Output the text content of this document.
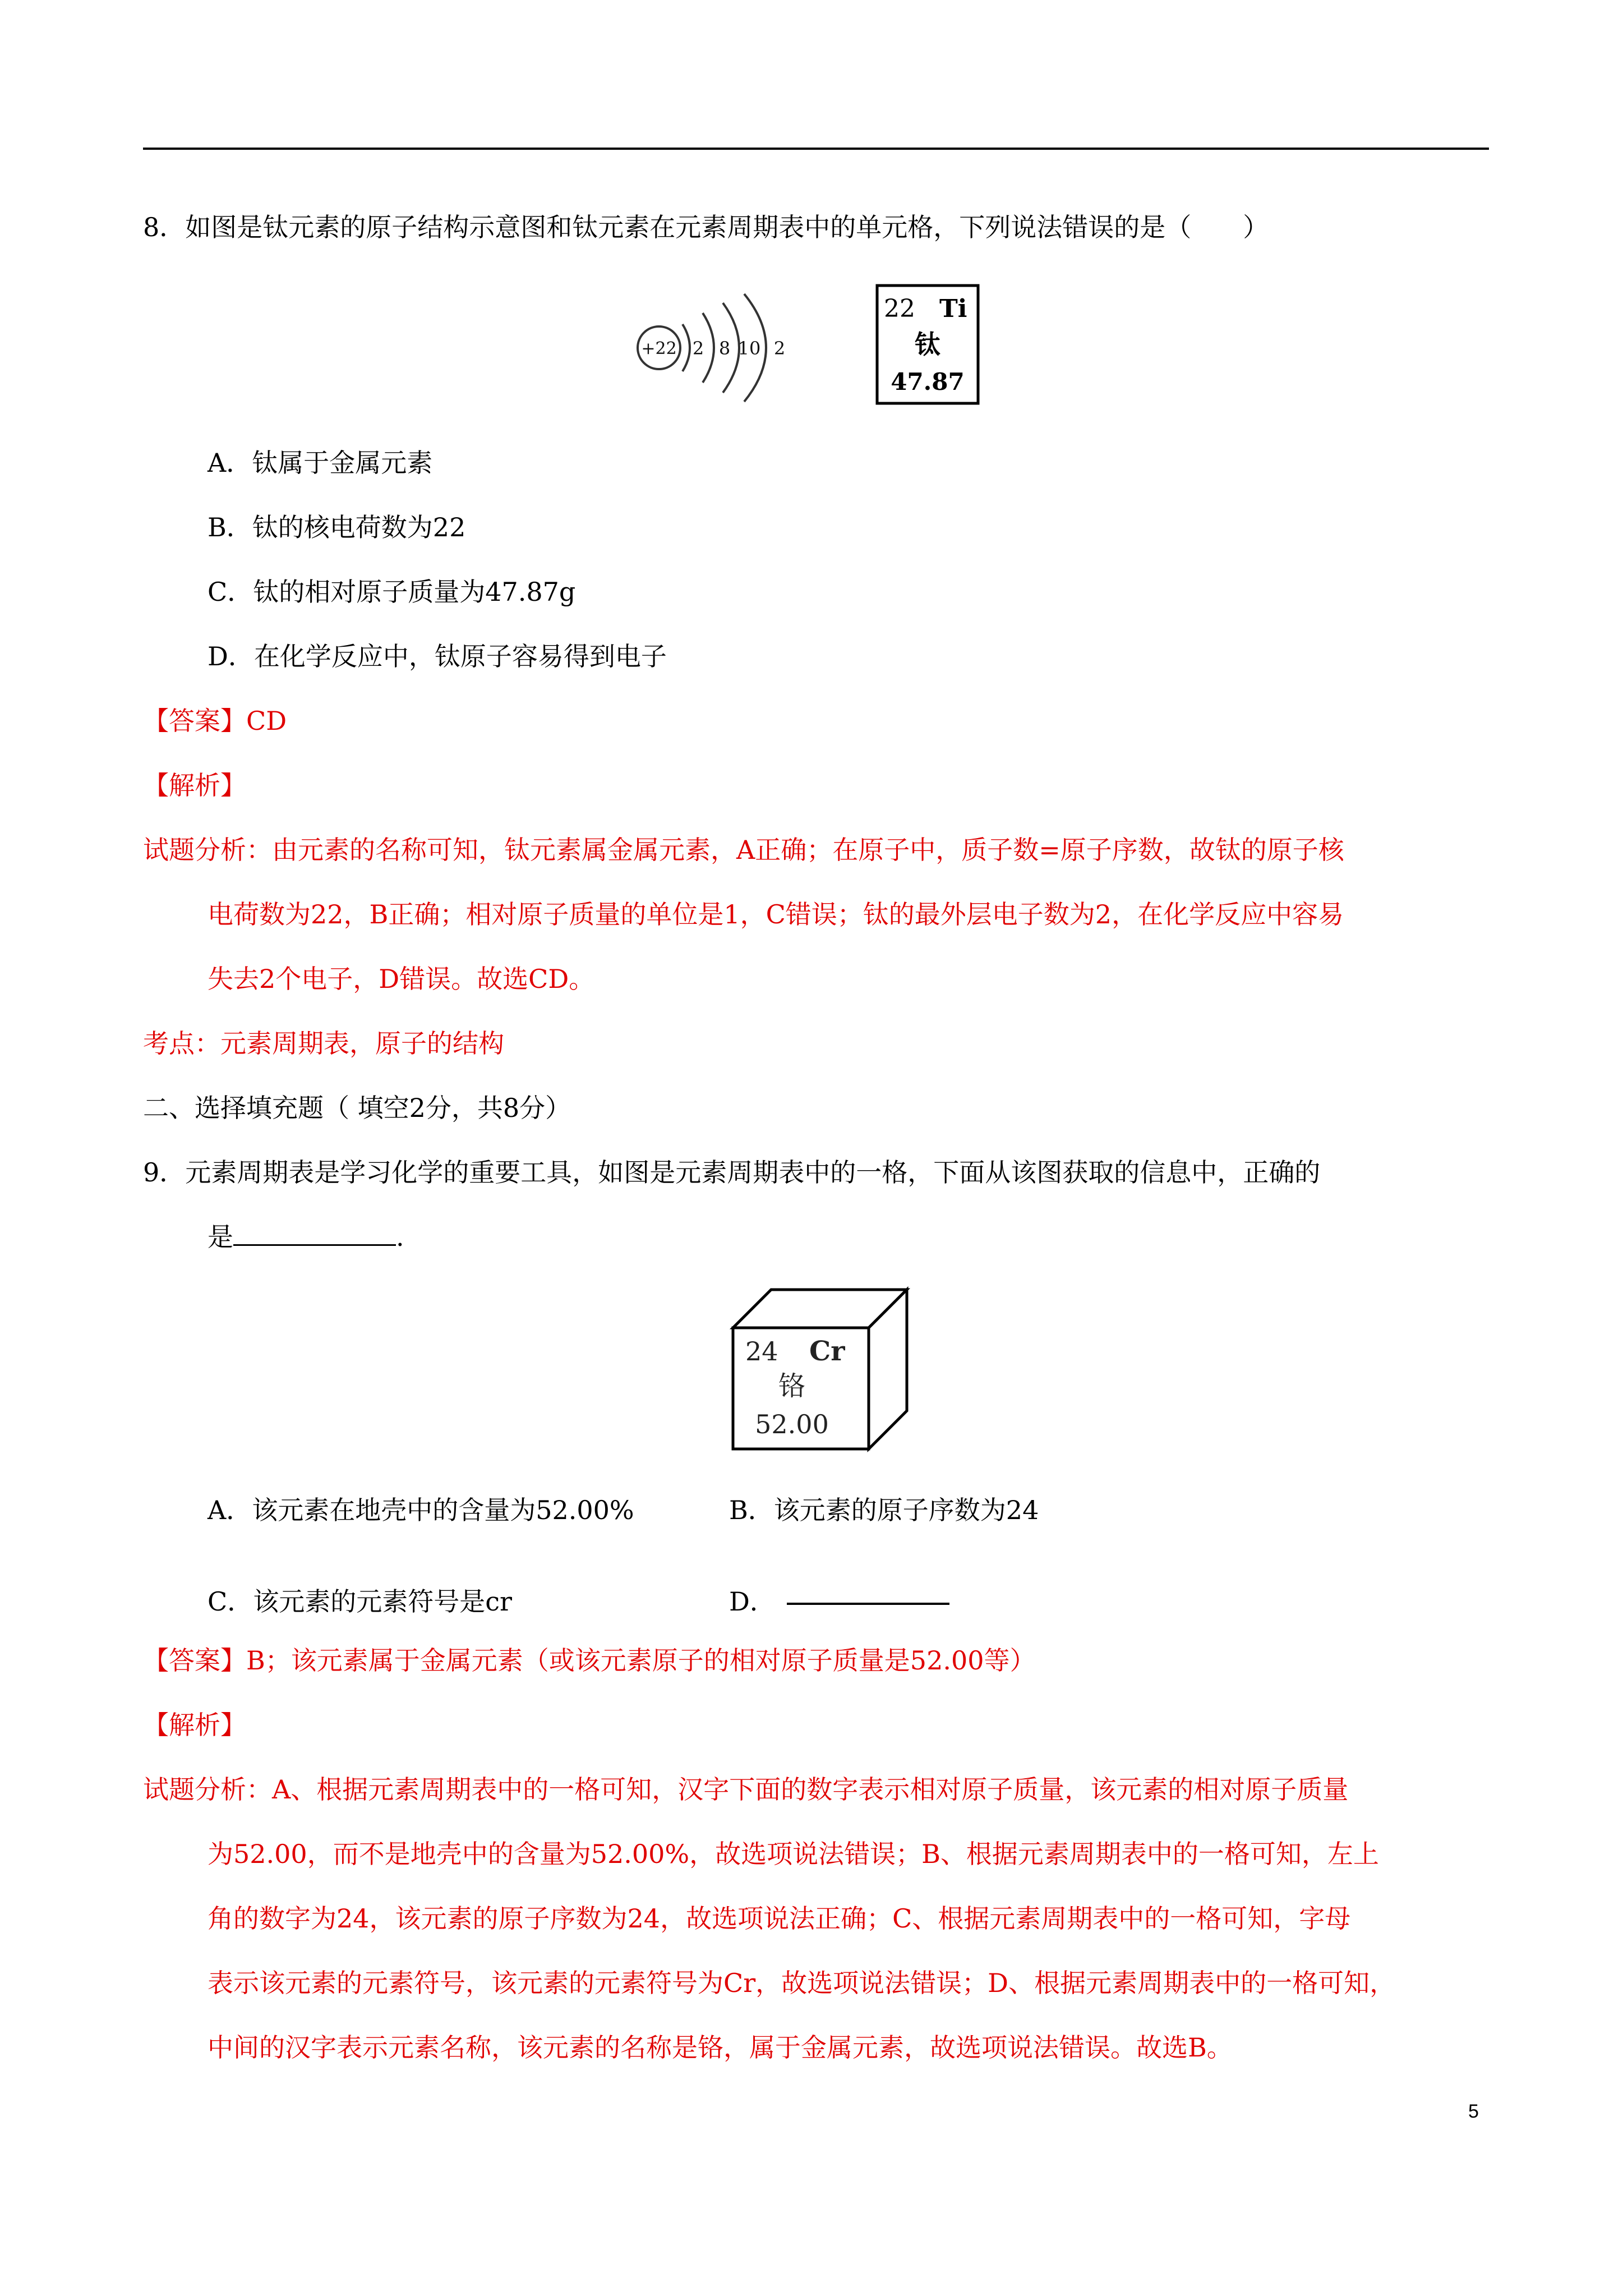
8．如图是钛元素的原子结构示意图和钛元素在元素周期表中的单元格，下列说法错误的是（　　）
+22 2 8 10 2
22 Ti
钛
47.87
A．钛属于金属元素
B．钛的核电荷数为22
C．钛的相对原子质量为47.87g
D．在化学反应中，钛原子容易得到电子
【答案】CD
【解析】
试题分析：由元素的名称可知，钛元素属金属元素，A正确；在原子中，质子数=原子序数，故钛的原子核
电荷数为22，B正确；相对原子质量的单位是1，C错误；钛的最外层电子数为2，在化学反应中容易
失去2个电子，D错误。故选CD。
考点：元素周期表，原子的结构
二、选择填充题（ 填空2分，共8分）
9．元素周期表是学习化学的重要工具，如图是元素周期表中的一格，下面从该图获取的信息中，正确的
是	.
24 Cr
铬
52.00
A．该元素在地壳中的含量为52.00%	B．该元素的原子序数为24
C．该元素的元素符号是cr	D．
【答案】B；该元素属于金属元素（或该元素原子的相对原子质量是52.00等）
【解析】
试题分析：A、根据元素周期表中的一格可知，汉字下面的数字表示相对原子质量，该元素的相对原子质量
为52.00，而不是地壳中的含量为52.00%，故选项说法错误；B、根据元素周期表中的一格可知，左上
角的数字为24，该元素的原子序数为24，故选项说法正确；C、根据元素周期表中的一格可知，字母
表示该元素的元素符号，该元素的元素符号为Cr，故选项说法错误；D、根据元素周期表中的一格可知，
中间的汉字表示元素名称，该元素的名称是铬，属于金属元素，故选项说法错误。故选B。
5
